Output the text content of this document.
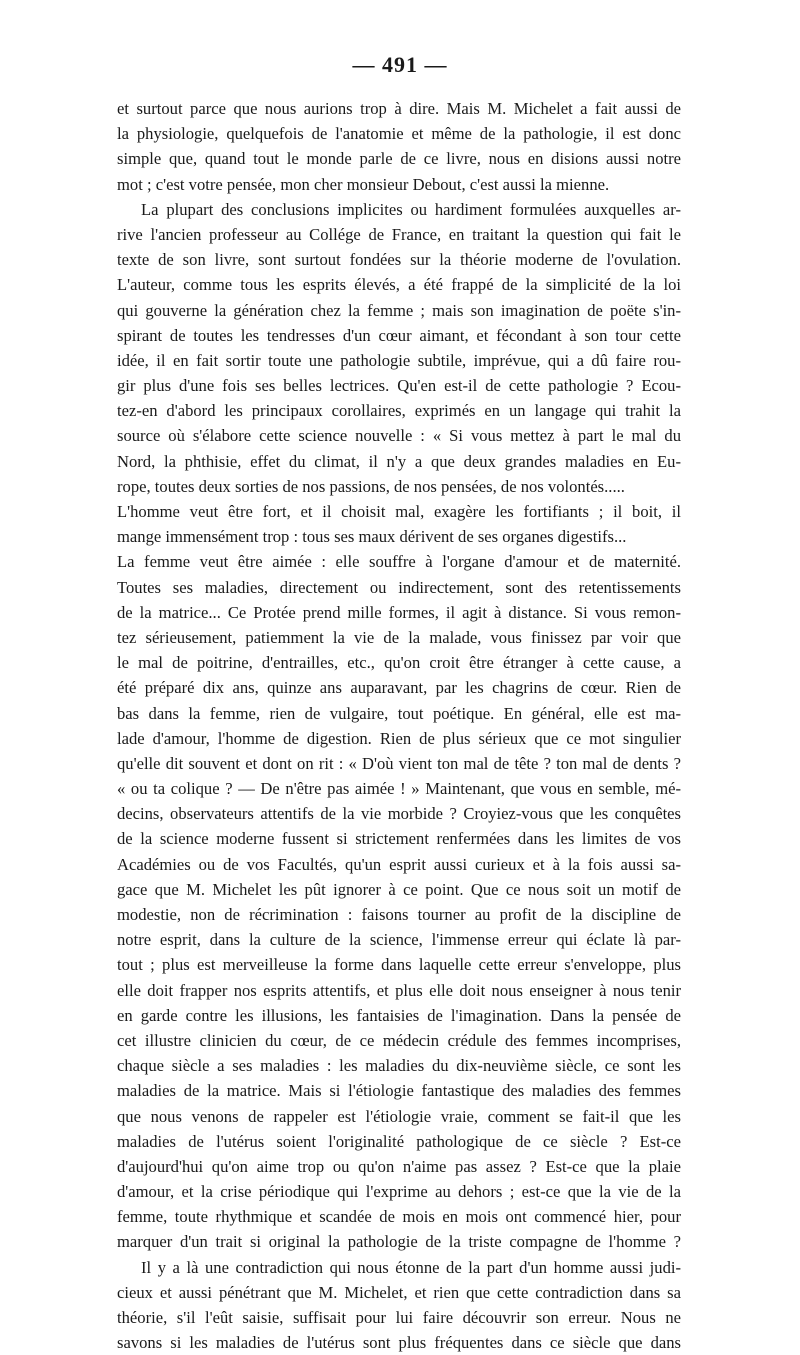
— 491 —
et surtout parce que nous aurions trop à dire. Mais M. Michelet a fait aussi de
la physiologie, quelquefois de l'anatomie et même de la pathologie, il est donc
simple que, quand tout le monde parle de ce livre, nous en disions aussi notre
mot ; c'est votre pensée, mon cher monsieur Debout, c'est aussi la mienne.
La plupart des conclusions implicites ou hardiment formulées auxquelles ar-
rive l'ancien professeur au Collége de France, en traitant la question qui fait le
texte de son livre, sont surtout fondées sur la théorie moderne de l'ovulation.
L'auteur, comme tous les esprits élevés, a été frappé de la simplicité de la loi
qui gouverne la génération chez la femme ; mais son imagination de poëte s'in-
spirant de toutes les tendresses d'un cœur aimant, et fécondant à son tour cette
idée, il en fait sortir toute une pathologie subtile, imprévue, qui a dû faire rou-
gir plus d'une fois ses belles lectrices. Qu'en est-il de cette pathologie ? Ecou-
tez-en d'abord les principaux corollaires, exprimés en un langage qui trahit la
source où s'élabore cette science nouvelle : « Si vous mettez à part le mal du
Nord, la phthisie, effet du climat, il n'y a que deux grandes maladies en Eu-
rope, toutes deux sorties de nos passions, de nos pensées, de nos volontés.....
L'homme veut être fort, et il choisit mal, exagère les fortifiants ; il boit, il
mange immensément trop : tous ses maux dérivent de ses organes digestifs...
La femme veut être aimée : elle souffre à l'organe d'amour et de maternité.
Toutes ses maladies, directement ou indirectement, sont des retentissements
de la matrice... Ce Protée prend mille formes, il agit à distance. Si vous remon-
tez sérieusement, patiemment la vie de la malade, vous finissez par voir que
le mal de poitrine, d'entrailles, etc., qu'on croit être étranger à cette cause, a
été préparé dix ans, quinze ans auparavant, par les chagrins de cœur. Rien de
bas dans la femme, rien de vulgaire, tout poétique. En général, elle est ma-
lade d'amour, l'homme de digestion. Rien de plus sérieux que ce mot singulier
qu'elle dit souvent et dont on rit : « D'où vient ton mal de tête ? ton mal de dents ?
« ou ta colique ? — De n'être pas aimée ! » Maintenant, que vous en semble, mé-
decins, observateurs attentifs de la vie morbide ? Croyiez-vous que les conquêtes
de la science moderne fussent si strictement renfermées dans les limites de vos
Académies ou de vos Facultés, qu'un esprit aussi curieux et à la fois aussi sa-
gace que M. Michelet les pût ignorer à ce point. Que ce nous soit un motif de
modestie, non de récrimination : faisons tourner au profit de la discipline de
notre esprit, dans la culture de la science, l'immense erreur qui éclate là par-
tout ; plus est merveilleuse la forme dans laquelle cette erreur s'enveloppe, plus
elle doit frapper nos esprits attentifs, et plus elle doit nous enseigner à nous tenir
en garde contre les illusions, les fantaisies de l'imagination. Dans la pensée de
cet illustre clinicien du cœur, de ce médecin crédule des femmes incomprises,
chaque siècle a ses maladies : les maladies du dix-neuvième siècle, ce sont les
maladies de la matrice. Mais si l'étiologie fantastique des maladies des femmes
que nous venons de rappeler est l'étiologie vraie, comment se fait-il que les
maladies de l'utérus soient l'originalité pathologique de ce siècle ? Est-ce
d'aujourd'hui qu'on aime trop ou qu'on n'aime pas assez ? Est-ce que la plaie
d'amour, et la crise périodique qui l'exprime au dehors ; est-ce que la vie de la
femme, toute rhythmique et scandée de mois en mois ont commencé hier, pour
marquer d'un trait si original la pathologie de la triste compagne de l'homme ?
Il y a là une contradiction qui nous étonne de la part d'un homme aussi judi-
cieux et aussi pénétrant que M. Michelet, et rien que cette contradiction dans sa
théorie, s'il l'eût saisie, suffisait pour lui faire découvrir son erreur. Nous ne
savons si les maladies de l'utérus sont plus fréquentes dans ce siècle que dans
